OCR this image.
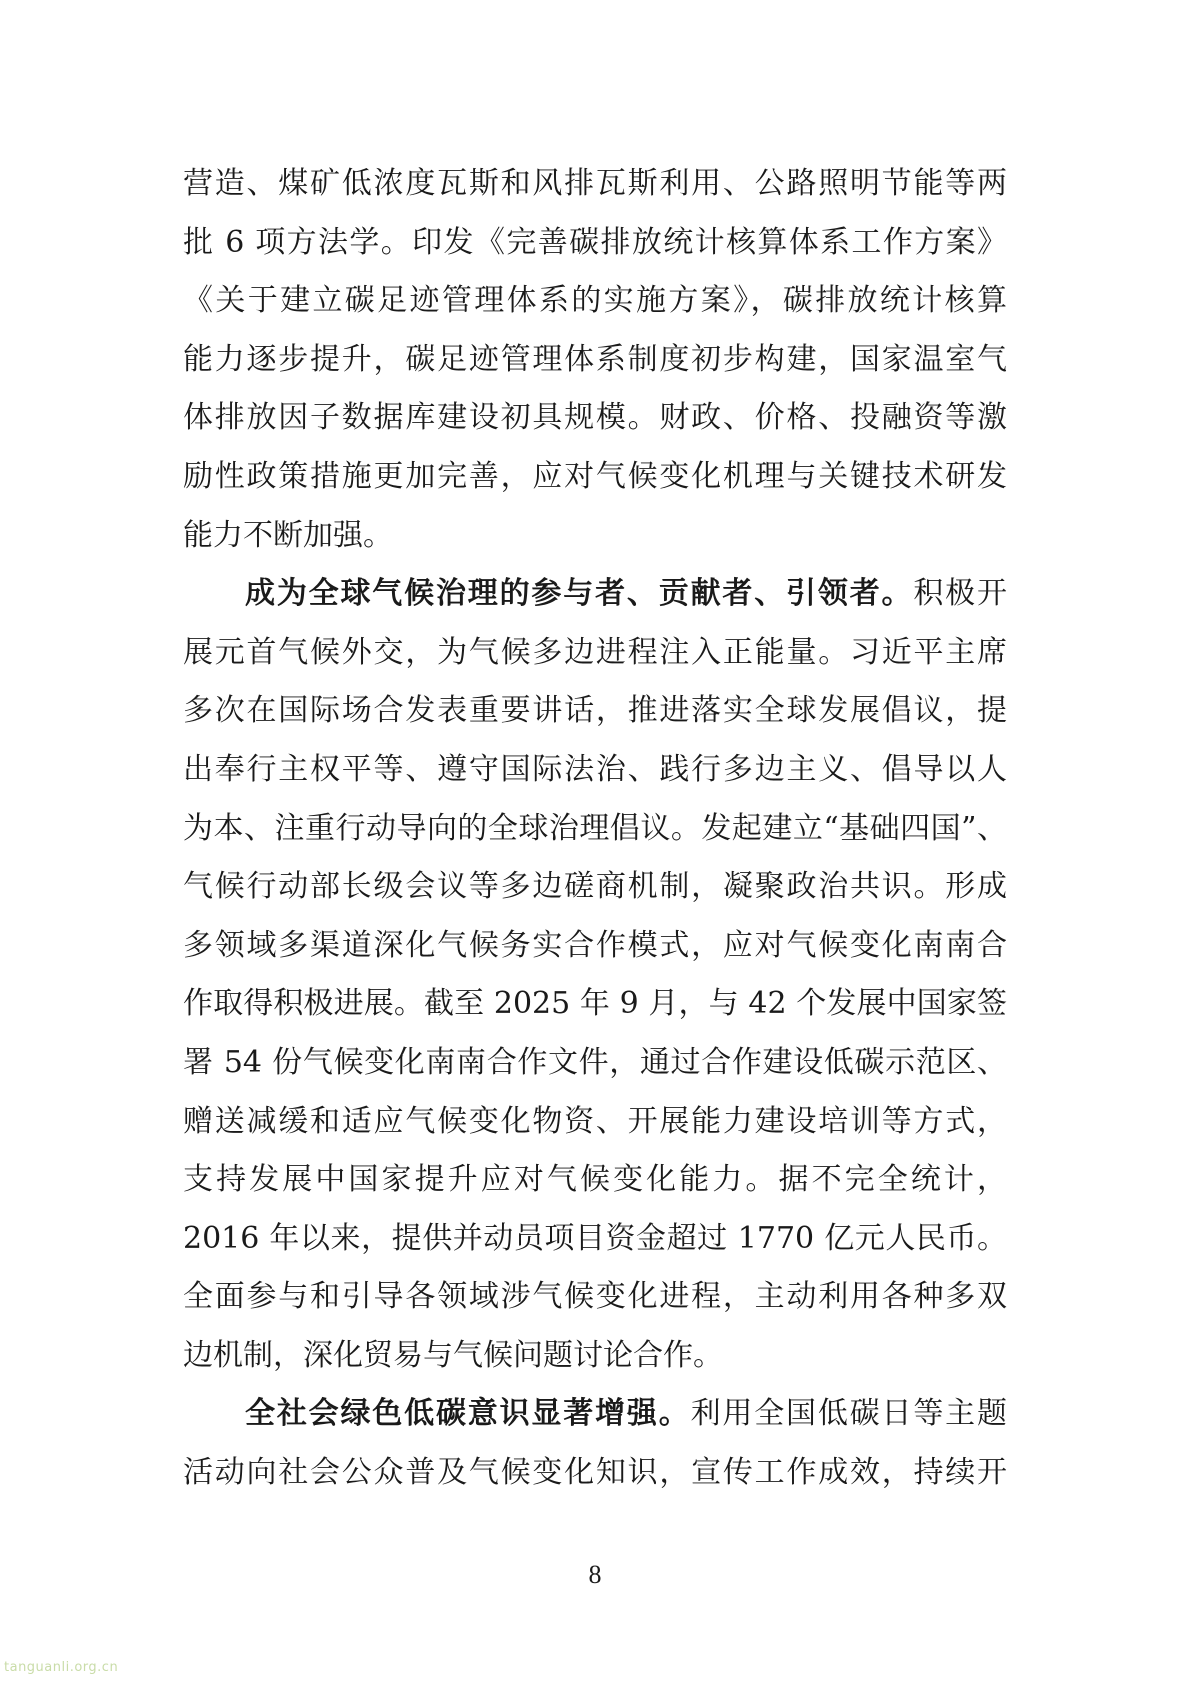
营造、煤矿低浓度瓦斯和风排瓦斯利用、公路照明节能等两
批 6 项方法学。印发《完善碳排放统计核算体系工作方案》
《关于建立碳足迹管理体系的实施方案》，碳排放统计核算
能力逐步提升，碳足迹管理体系制度初步构建，国家温室气
体排放因子数据库建设初具规模。财政、价格、投融资等激
励性政策措施更加完善，应对气候变化机理与关键技术研发
能力不断加强。
成为全球气候治理的参与者、贡献者、引领者。积极开
展元首气候外交，为气候多边进程注入正能量。习近平主席
多次在国际场合发表重要讲话，推进落实全球发展倡议，提
出奉行主权平等、遵守国际法治、践行多边主义、倡导以人
为本、注重行动导向的全球治理倡议。发起建立“基础四国”、
气候行动部长级会议等多边磋商机制，凝聚政治共识。形成
多领域多渠道深化气候务实合作模式，应对气候变化南南合
作取得积极进展。截至 2025 年 9 月，与 42 个发展中国家签
署 54 份气候变化南南合作文件，通过合作建设低碳示范区、
赠送减缓和适应气候变化物资、开展能力建设培训等方式，
支持发展中国家提升应对气候变化能力。据不完全统计，
2016 年以来，提供并动员项目资金超过 1770 亿元人民币。
全面参与和引导各领域涉气候变化进程，主动利用各种多双
边机制，深化贸易与气候问题讨论合作。
全社会绿色低碳意识显著增强。利用全国低碳日等主题
活动向社会公众普及气候变化知识，宣传工作成效，持续开
8
tanguanli.org.cn
